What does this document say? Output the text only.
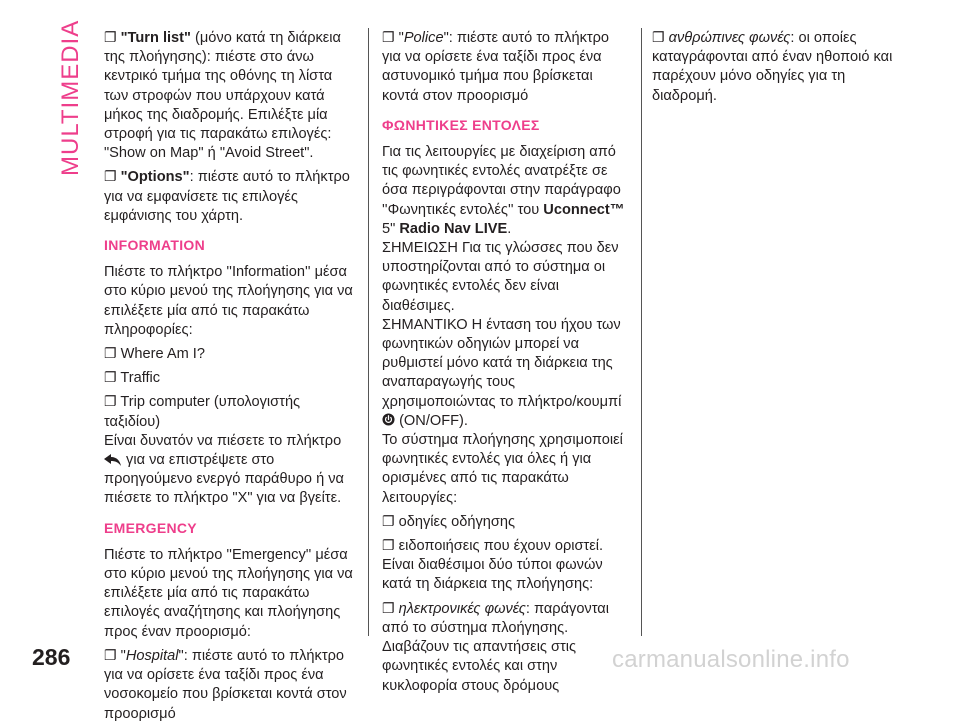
MULTIMEDIA ❐ "Turn list" (μόνο κατά τη διάρκεια της πλοήγησης): πιέστε στο άνω κεντρικό τμήμα της οθόνης τη λίστα των στροφών που υπάρχουν κατά μήκος της διαδρομής. Επιλέξτε μία στροφή για τις παρακάτω επιλογές: "Show on Map" ή "Avoid Street".

❐ "Options": πιέστε αυτό το πλήκτρο για να εμφανίσετε τις επιλογές εμφάνισης του χάρτη.

INFORMATION

Πιέστε το πλήκτρο ''Information'' μέσα στο κύριο μενού της πλοήγησης για να επιλέξετε μία από τις παρακάτω πληροφορίες:

❐ Where Am I?

❐ Traffic

❐ Trip computer (υπολογιστής ταξιδίου)

Είναι δυνατόν να πιέσετε το πλήκτρο
για να επιστρέψετε στο προηγούμενο ενεργό παράθυρο ή να πιέσετε το πλήκτρο "X" για να βγείτε.

EMERGENCY

Πιέστε το πλήκτρο ''Emergency'' μέσα στο κύριο μενού της πλοήγησης για να επιλέξετε μία από τις παρακάτω επιλογές αναζήτησης και πλοήγησης προς έναν προορισμό:

❐ "Hospital": πιέστε αυτό το πλήκτρο για να ορίσετε ένα ταξίδι προς ένα νοσοκομείο που βρίσκεται κοντά στον προορισμό

❐ "Police": πιέστε αυτό το πλήκτρο για να ορίσετε ένα ταξίδι προς ένα αστυνομικό τμήμα που βρίσκεται κοντά στον προορισμό

ΦΩΝΗΤΙΚΕΣ ΕΝΤΟΛΕΣ

Για τις λειτουργίες με διαχείριση από τις φωνητικές εντολές ανατρέξτε σε όσα περιγράφονται στην παράγραφο ''Φωνητικές εντολές'' του Uconnect™ 5" Radio Nav LIVE.

ΣΗΜΕΙΩΣΗ Για τις γλώσσες που δεν υποστηρίζονται από το σύστημα οι φωνητικές εντολές δεν είναι διαθέσιμες.

ΣΗΜΑΝΤΙΚΟ Η ένταση του ήχου των φωνητικών οδηγιών μπορεί να ρυθμιστεί μόνο κατά τη διάρκεια της αναπαραγωγής τους χρησιμοποιώντας το πλήκτρο/κουμπί  (ON/OFF).

Το σύστημα πλοήγησης χρησιμοποιεί φωνητικές εντολές για όλες ή για ορισμένες από τις παρακάτω λειτουργίες:

❐ οδηγίες οδήγησης

❐ ειδοποιήσεις που έχουν οριστεί.

Είναι διαθέσιμοι δύο τύποι φωνών κατά τη διάρκεια της πλοήγησης:

❐ ηλεκτρονικές φωνές: παράγονται από το σύστημα πλοήγησης. Διαβάζουν τις απαντήσεις στις φωνητικές εντολές και στην κυκλοφορία στους δρόμους

❐ ανθρώπινες φωνές: οι οποίες καταγράφονται από έναν ηθοποιό και παρέχουν μόνο οδηγίες για τη διαδρομή.

286	carmanualsonline.info
